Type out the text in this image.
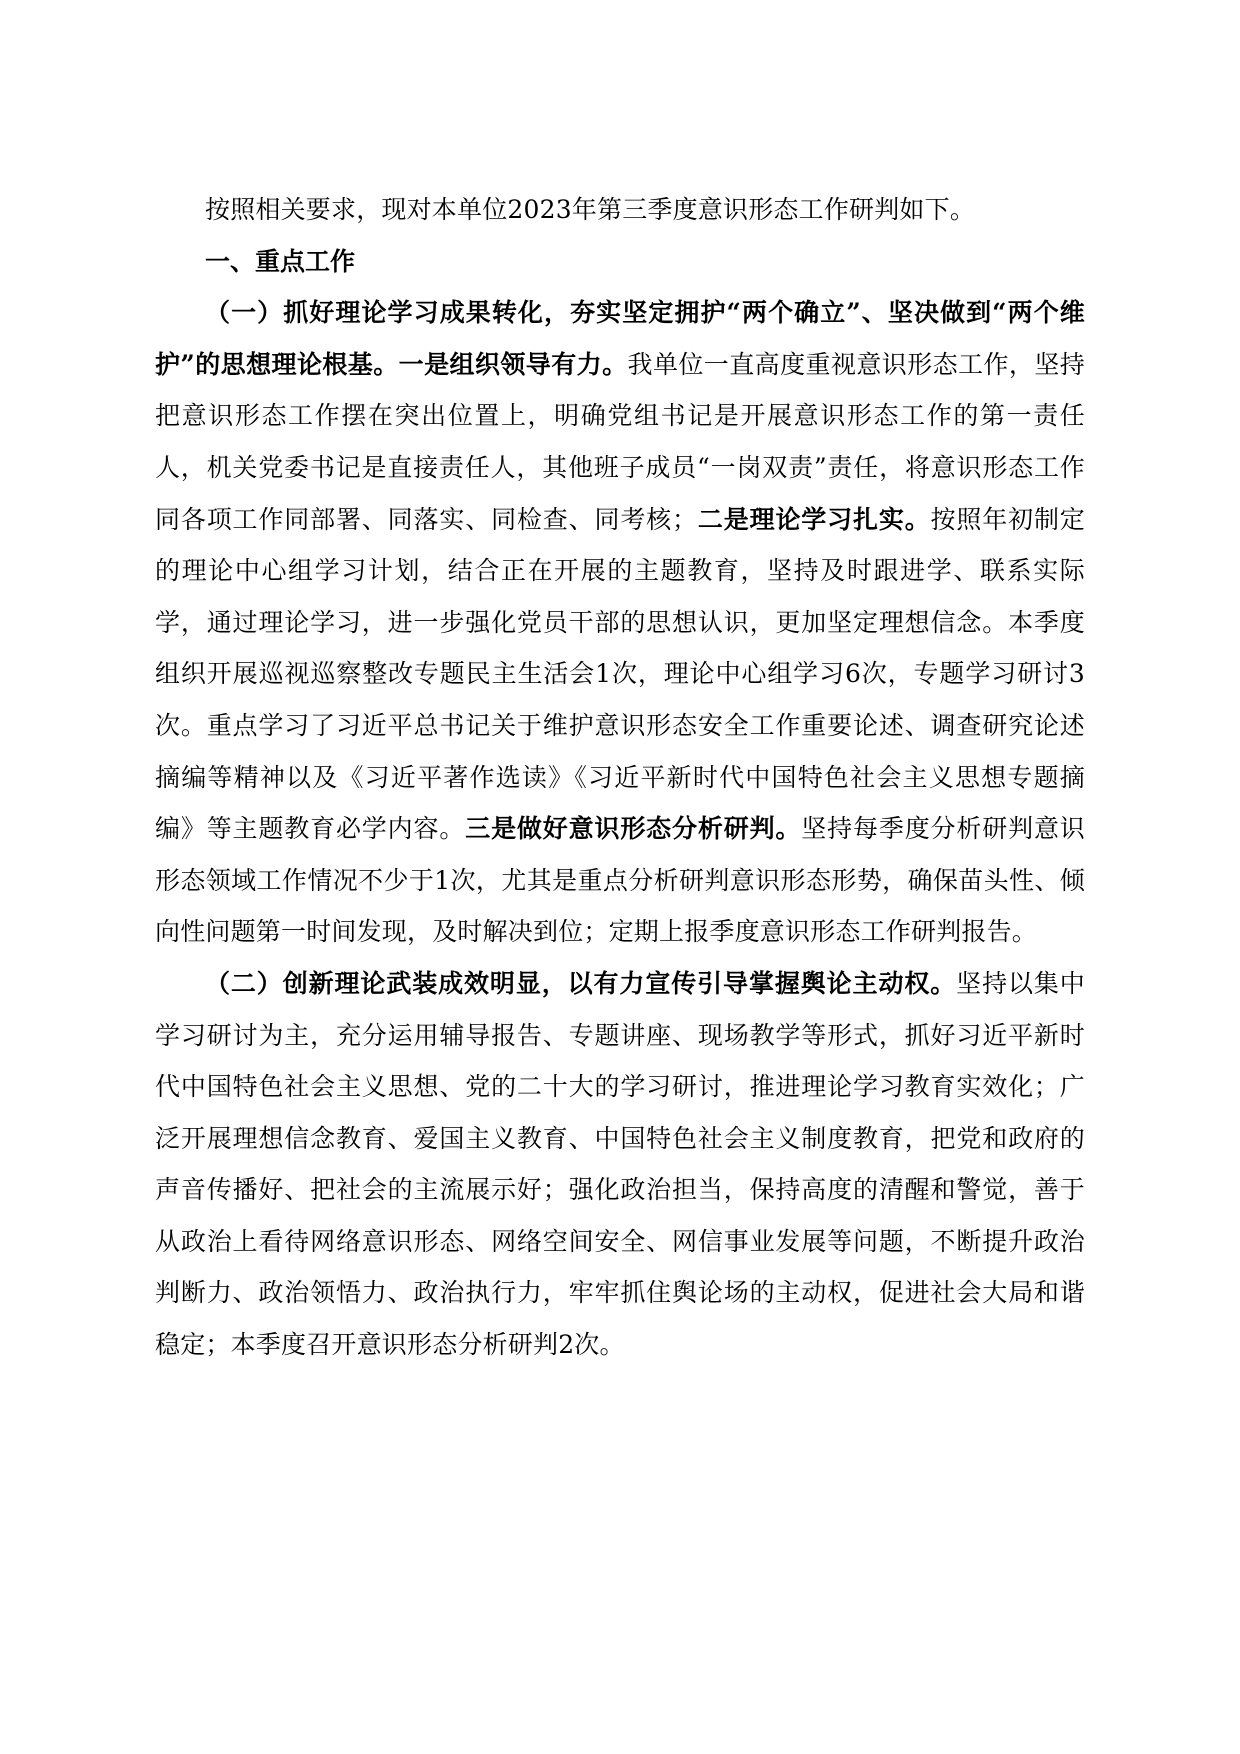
按照相关要求，现对本单位2023年第三季度意识形态工作研判如下。

一、重点工作

（一）抓好理论学习成果转化，夯实坚定拥护“两个确立”、坚决做到“两个维护”的思想理论根基。一是组织领导有力。我单位一直高度重视意识形态工作，坚持把意识形态工作摆在突出位置上，明确党组书记是开展意识形态工作的第一责任人，机关党委书记是直接责任人，其他班子成员“一岗双责”责任，将意识形态工作同各项工作同部署、同落实、同检查、同考核；二是理论学习扎实。按照年初制定的理论中心组学习计划，结合正在开展的主题教育，坚持及时跟进学、联系实际学，通过理论学习，进一步强化党员干部的思想认识，更加坚定理想信念。本季度组织开展巡视巡察整改专题民主生活会1次，理论中心组学习6次，专题学习研讨3次。重点学习了习近平总书记关于维护意识形态安全工作重要论述、调查研究论述摘编等精神以及《习近平著作选读》《习近平新时代中国特色社会主义思想专题摘编》等主题教育必学内容。三是做好意识形态分析研判。坚持每季度分析研判意识形态领域工作情况不少于1次，尤其是重点分析研判意识形态形势，确保苗头性、倾向性问题第一时间发现，及时解决到位；定期上报季度意识形态工作研判报告。

（二）创新理论武装成效明显，以有力宣传引导掌握舆论主动权。坚持以集中学习研讨为主，充分运用辅导报告、专题讲座、现场教学等形式，抓好习近平新时代中国特色社会主义思想、党的二十大的学习研讨，推进理论学习教育实效化；广泛开展理想信念教育、爱国主义教育、中国特色社会主义制度教育，把党和政府的声音传播好、把社会的主流展示好；强化政治担当，保持高度的清醒和警觉，善于从政治上看待网络意识形态、网络空间安全、网信事业发展等问题，不断提升政治判断力、政治领悟力、政治执行力，牢牢抓住舆论场的主动权，促进社会大局和谐稳定；本季度召开意识形态分析研判2次。
